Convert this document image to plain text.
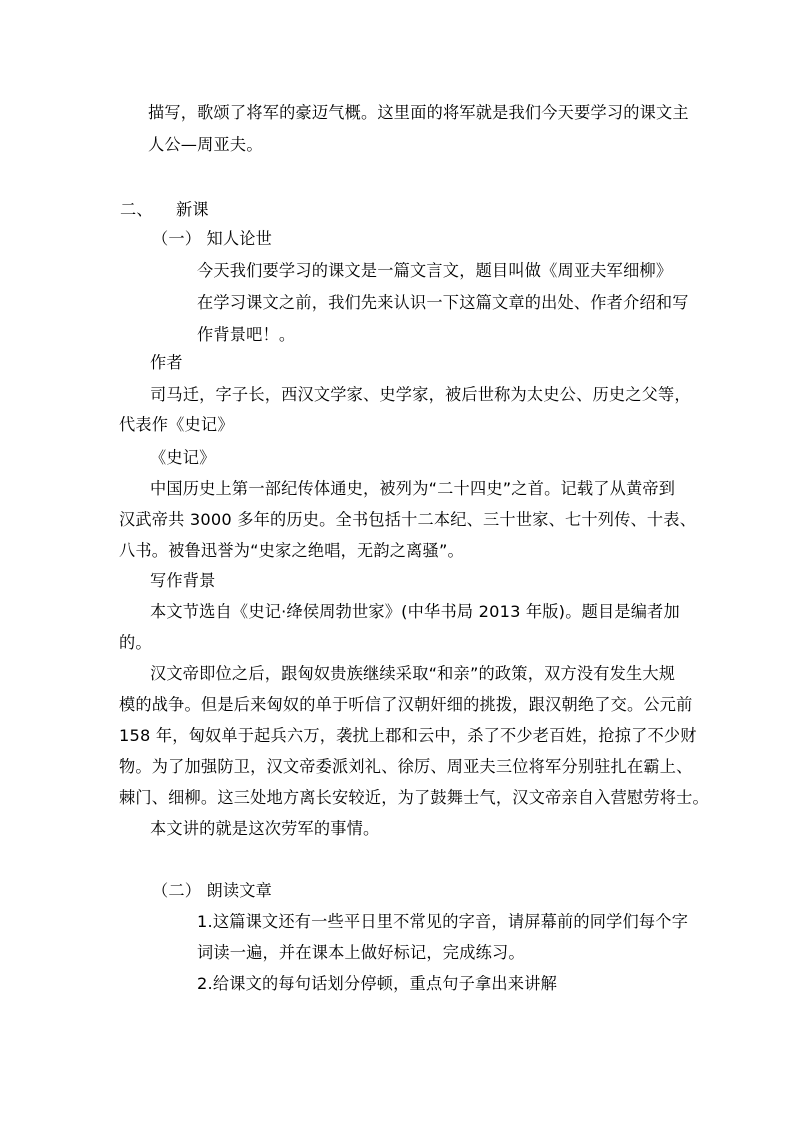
描写，歌颂了将军的豪迈气概。这里面的将军就是我们今天要学习的课文主
人公—周亚夫。
二、 新课
（一） 知人论世
今天我们要学习的课文是一篇文言文，题目叫做《周亚夫军细柳》
在学习课文之前，我们先来认识一下这篇文章的出处、作者介绍和写
作背景吧！。
作者
司马迁，字子长，西汉文学家、史学家，被后世称为太史公、历史之父等，
代表作《史记》
《史记》
中国历史上第一部纪传体通史，被列为“二十四史”之首。记载了从黄帝到
汉武帝共 3000 多年的历史。全书包括十二本纪、三十世家、七十列传、十表、
八书。被鲁迅誉为“史家之绝唱，无韵之离骚”。
写作背景
本文节选自《史记·绛侯周勃世家》(中华书局 2013 年版)。题目是编者加
的。
汉文帝即位之后，跟匈奴贵族继续采取“和亲”的政策，双方没有发生大规
模的战争。但是后来匈奴的单于听信了汉朝奸细的挑拨，跟汉朝绝了交。公元前
158 年，匈奴单于起兵六万，袭扰上郡和云中，杀了不少老百姓，抢掠了不少财
物。为了加强防卫，汉文帝委派刘礼、徐厉、周亚夫三位将军分别驻扎在霸上、
棘门、细柳。这三处地方离长安较近，为了鼓舞士气，汉文帝亲自入营慰劳将士。
本文讲的就是这次劳军的事情。
（二） 朗读文章
1.这篇课文还有一些平日里不常见的字音，请屏幕前的同学们每个字
词读一遍，并在课本上做好标记，完成练习。
2.给课文的每句话划分停顿，重点句子拿出来讲解
